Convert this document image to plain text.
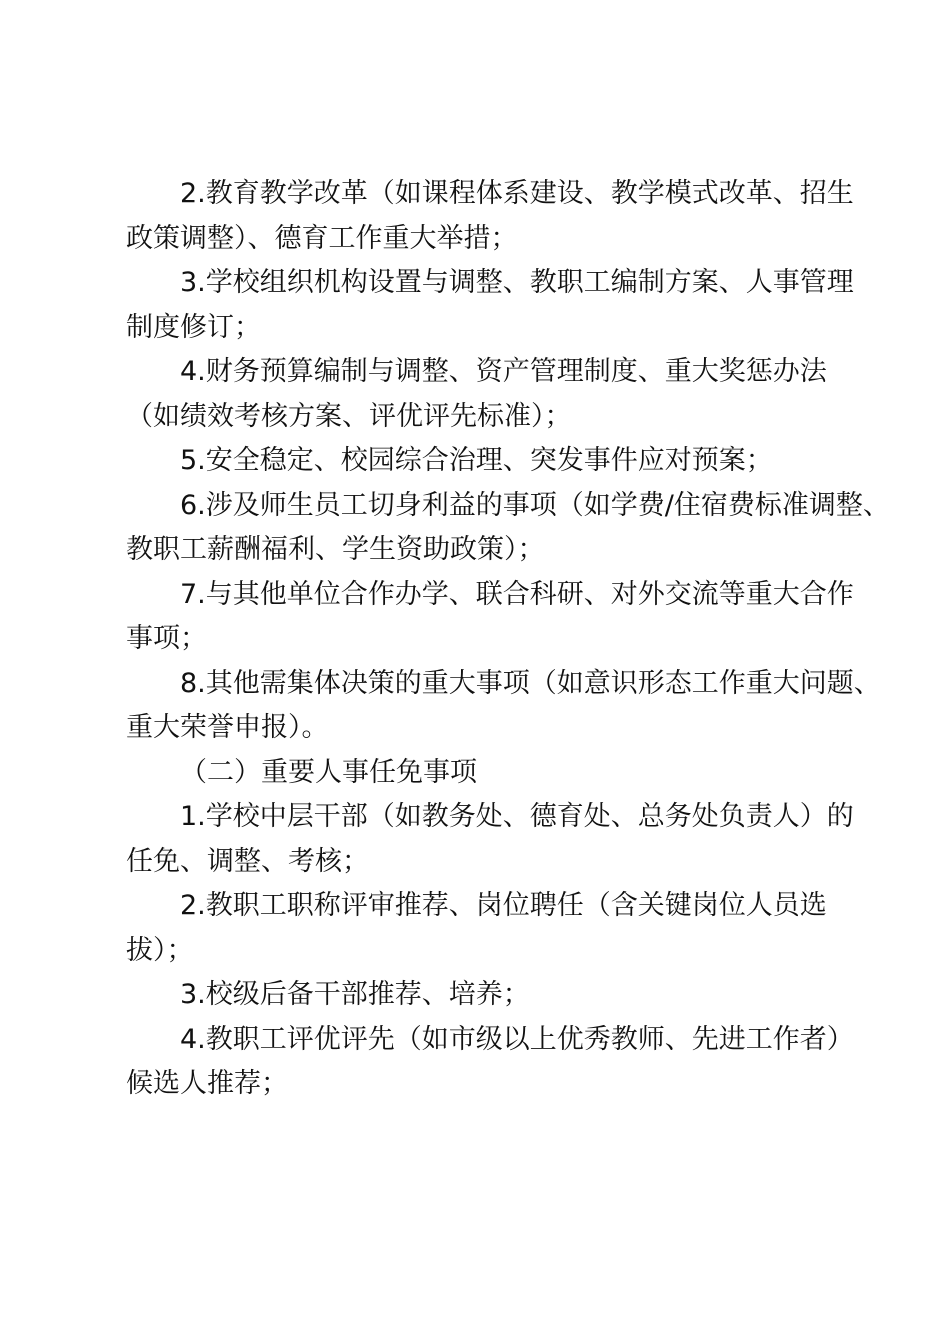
2.教育教学改革（如课程体系建设、教学模式改革、招生
政策调整）、德育工作重大举措；
3.学校组织机构设置与调整、教职工编制方案、人事管理
制度修订；
4.财务预算编制与调整、资产管理制度、重大奖惩办法
（如绩效考核方案、评优评先标准）；
5.安全稳定、校园综合治理、突发事件应对预案；
6.涉及师生员工切身利益的事项（如学费/住宿费标准调整、
教职工薪酬福利、学生资助政策）；
7.与其他单位合作办学、联合科研、对外交流等重大合作
事项；
8.其他需集体决策的重大事项（如意识形态工作重大问题、
重大荣誉申报）。
（二）重要人事任免事项
1.学校中层干部（如教务处、德育处、总务处负责人）的
任免、调整、考核；
2.教职工职称评审推荐、岗位聘任（含关键岗位人员选
拔）；
3.校级后备干部推荐、培养；
4.教职工评优评先（如市级以上优秀教师、先进工作者）
候选人推荐；
